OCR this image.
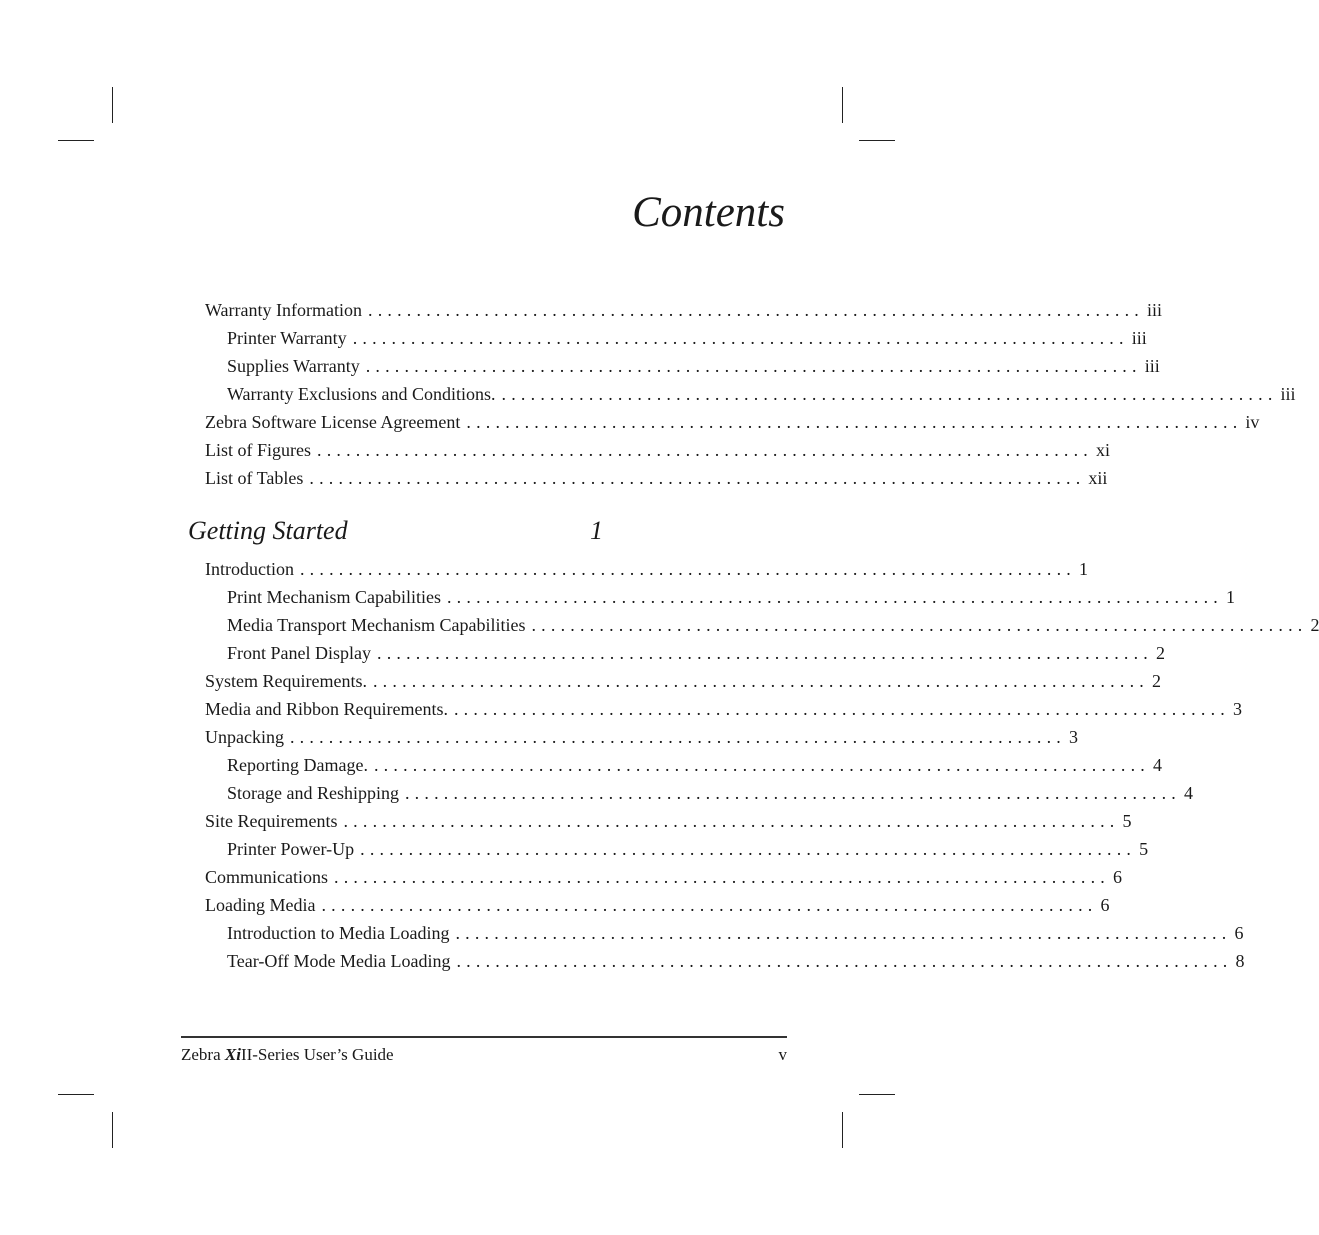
Contents
Warranty Information ................................................................................ iii
Printer Warranty ................................................................................ iii
Supplies Warranty ................................................................................ iii
Warranty Exclusions and Conditions. ................................................................................ iii
Zebra Software License Agreement ................................................................................ iv
List of Figures ................................................................................ xi
List of Tables ................................................................................ xii
Getting Started	1
Introduction ................................................................................ 1
Print Mechanism Capabilities ................................................................................ 1
Media Transport Mechanism Capabilities ................................................................................ 2
Front Panel Display ................................................................................ 2
System Requirements. ................................................................................ 2
Media and Ribbon Requirements. ................................................................................ 3
Unpacking ................................................................................ 3
Reporting Damage. ................................................................................ 4
Storage and Reshipping ................................................................................ 4
Site Requirements ................................................................................ 5
Printer Power-Up ................................................................................ 5
Communications ................................................................................ 6
Loading Media ................................................................................ 6
Introduction to Media Loading ................................................................................ 6
Tear-Off Mode Media Loading ................................................................................ 8
Zebra XiII-Series User’s Guide	v
